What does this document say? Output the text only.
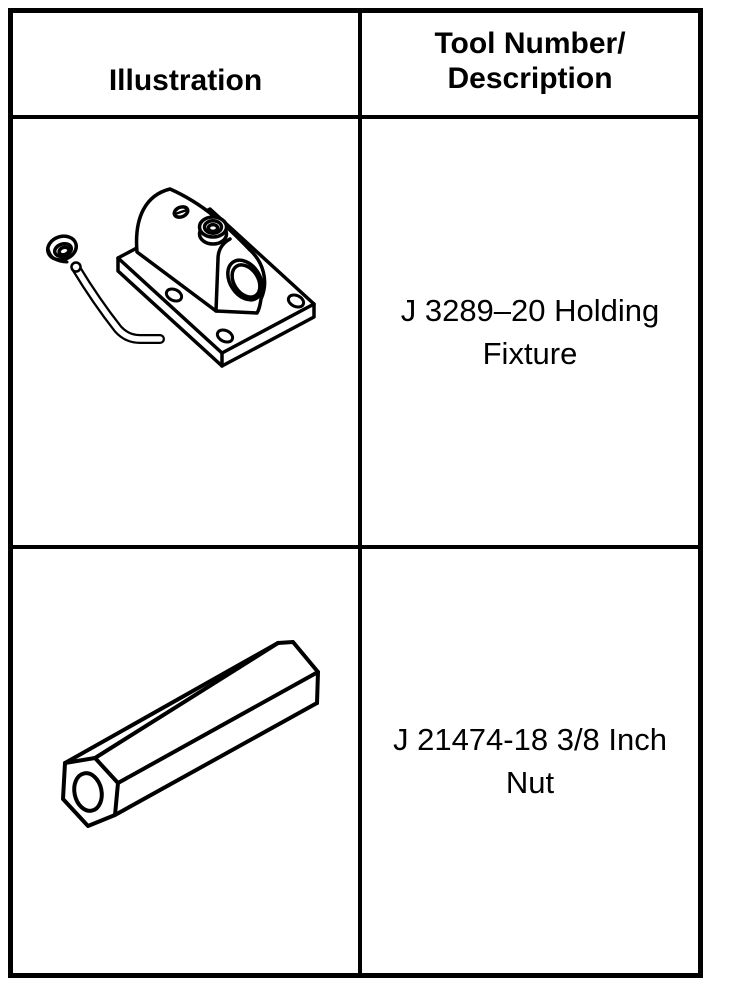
Illustration
Tool Number/
Description
J 3289–20 Holding
Fixture
J 21474-18 3/8 Inch
Nut
